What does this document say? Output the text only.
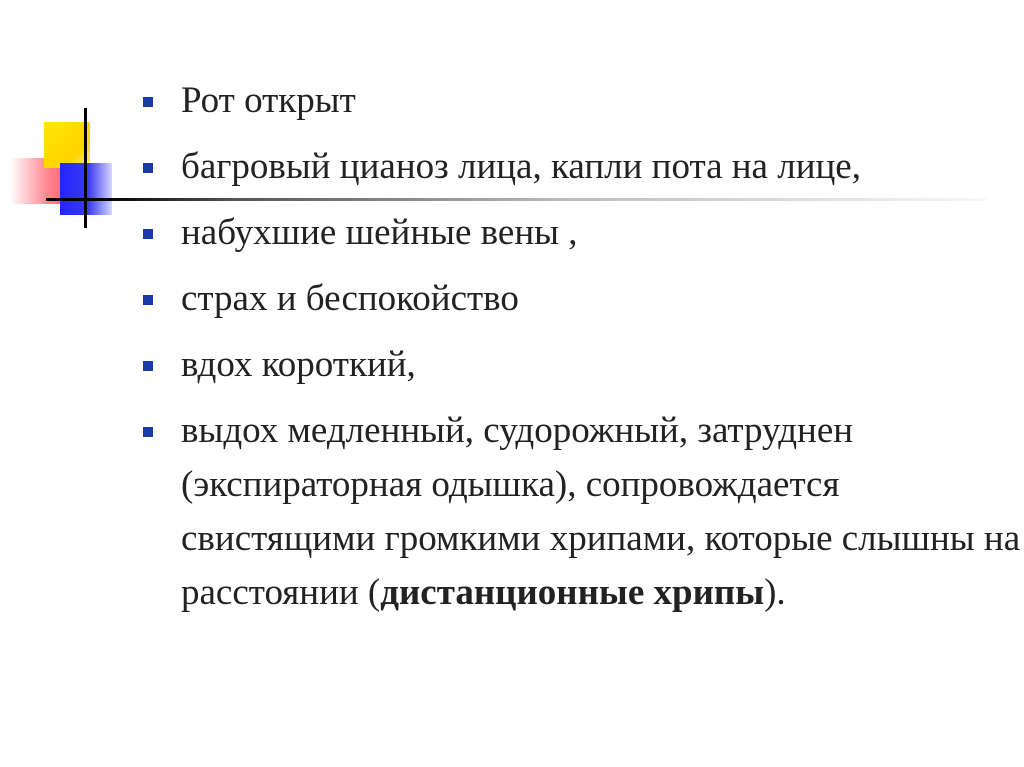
Рот открыт
багровый цианоз лица, капли пота на лице,
набухшие шейные вены ,
страх и беспокойство
вдох короткий,
выдох медленный, судорожный, затруднен (экспираторная одышка), сопровождается свистящими громкими хрипами, которые слышны на расстоянии (дистанционные хрипы).
